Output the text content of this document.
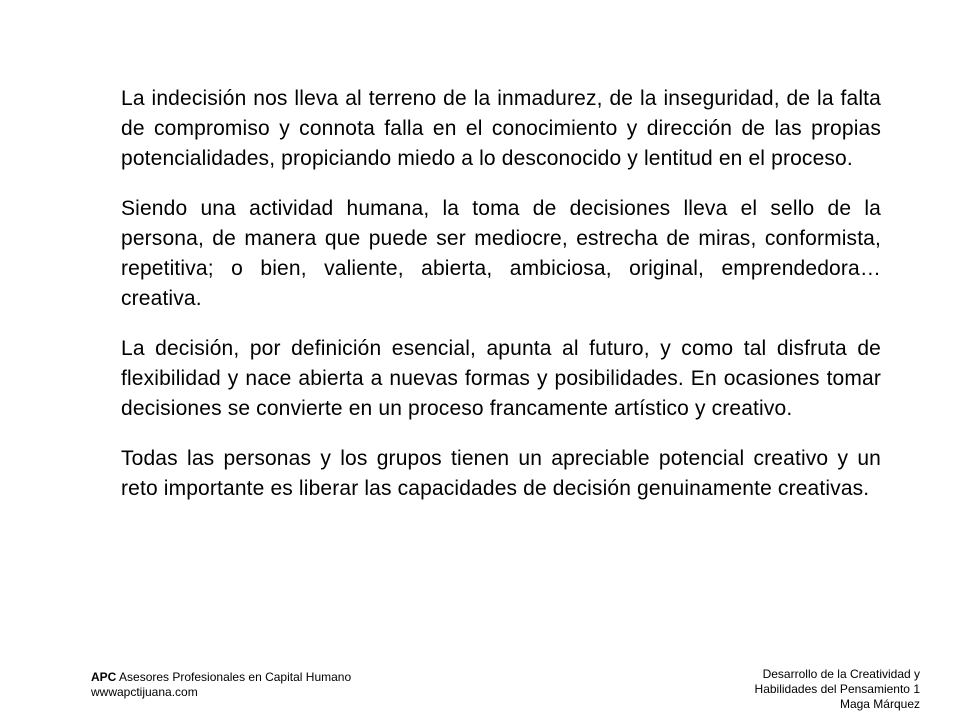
La indecisión nos lleva al terreno de la inmadurez, de la inseguridad, de la falta de compromiso y connota falla en el conocimiento y dirección de las propias potencialidades, propiciando miedo a lo desconocido y lentitud en el proceso.

Siendo una actividad humana, la toma de decisiones lleva el sello de la persona, de manera que puede ser mediocre, estrecha de miras, conformista, repetitiva; o bien, valiente, abierta, ambiciosa, original, emprendedora… creativa.

La decisión, por definición esencial, apunta al futuro, y como tal disfruta de flexibilidad y nace abierta a nuevas formas y posibilidades. En ocasiones tomar decisiones se convierte en un proceso francamente artístico y creativo.

Todas las personas y los grupos tienen un apreciable potencial creativo y un reto importante es liberar las capacidades de decisión genuinamente creativas.

APC Asesores Profesionales en Capital Humano
wwwapctijuana.com
Desarrollo de la Creatividad y
Habilidades del Pensamiento 1
Maga Márquez
